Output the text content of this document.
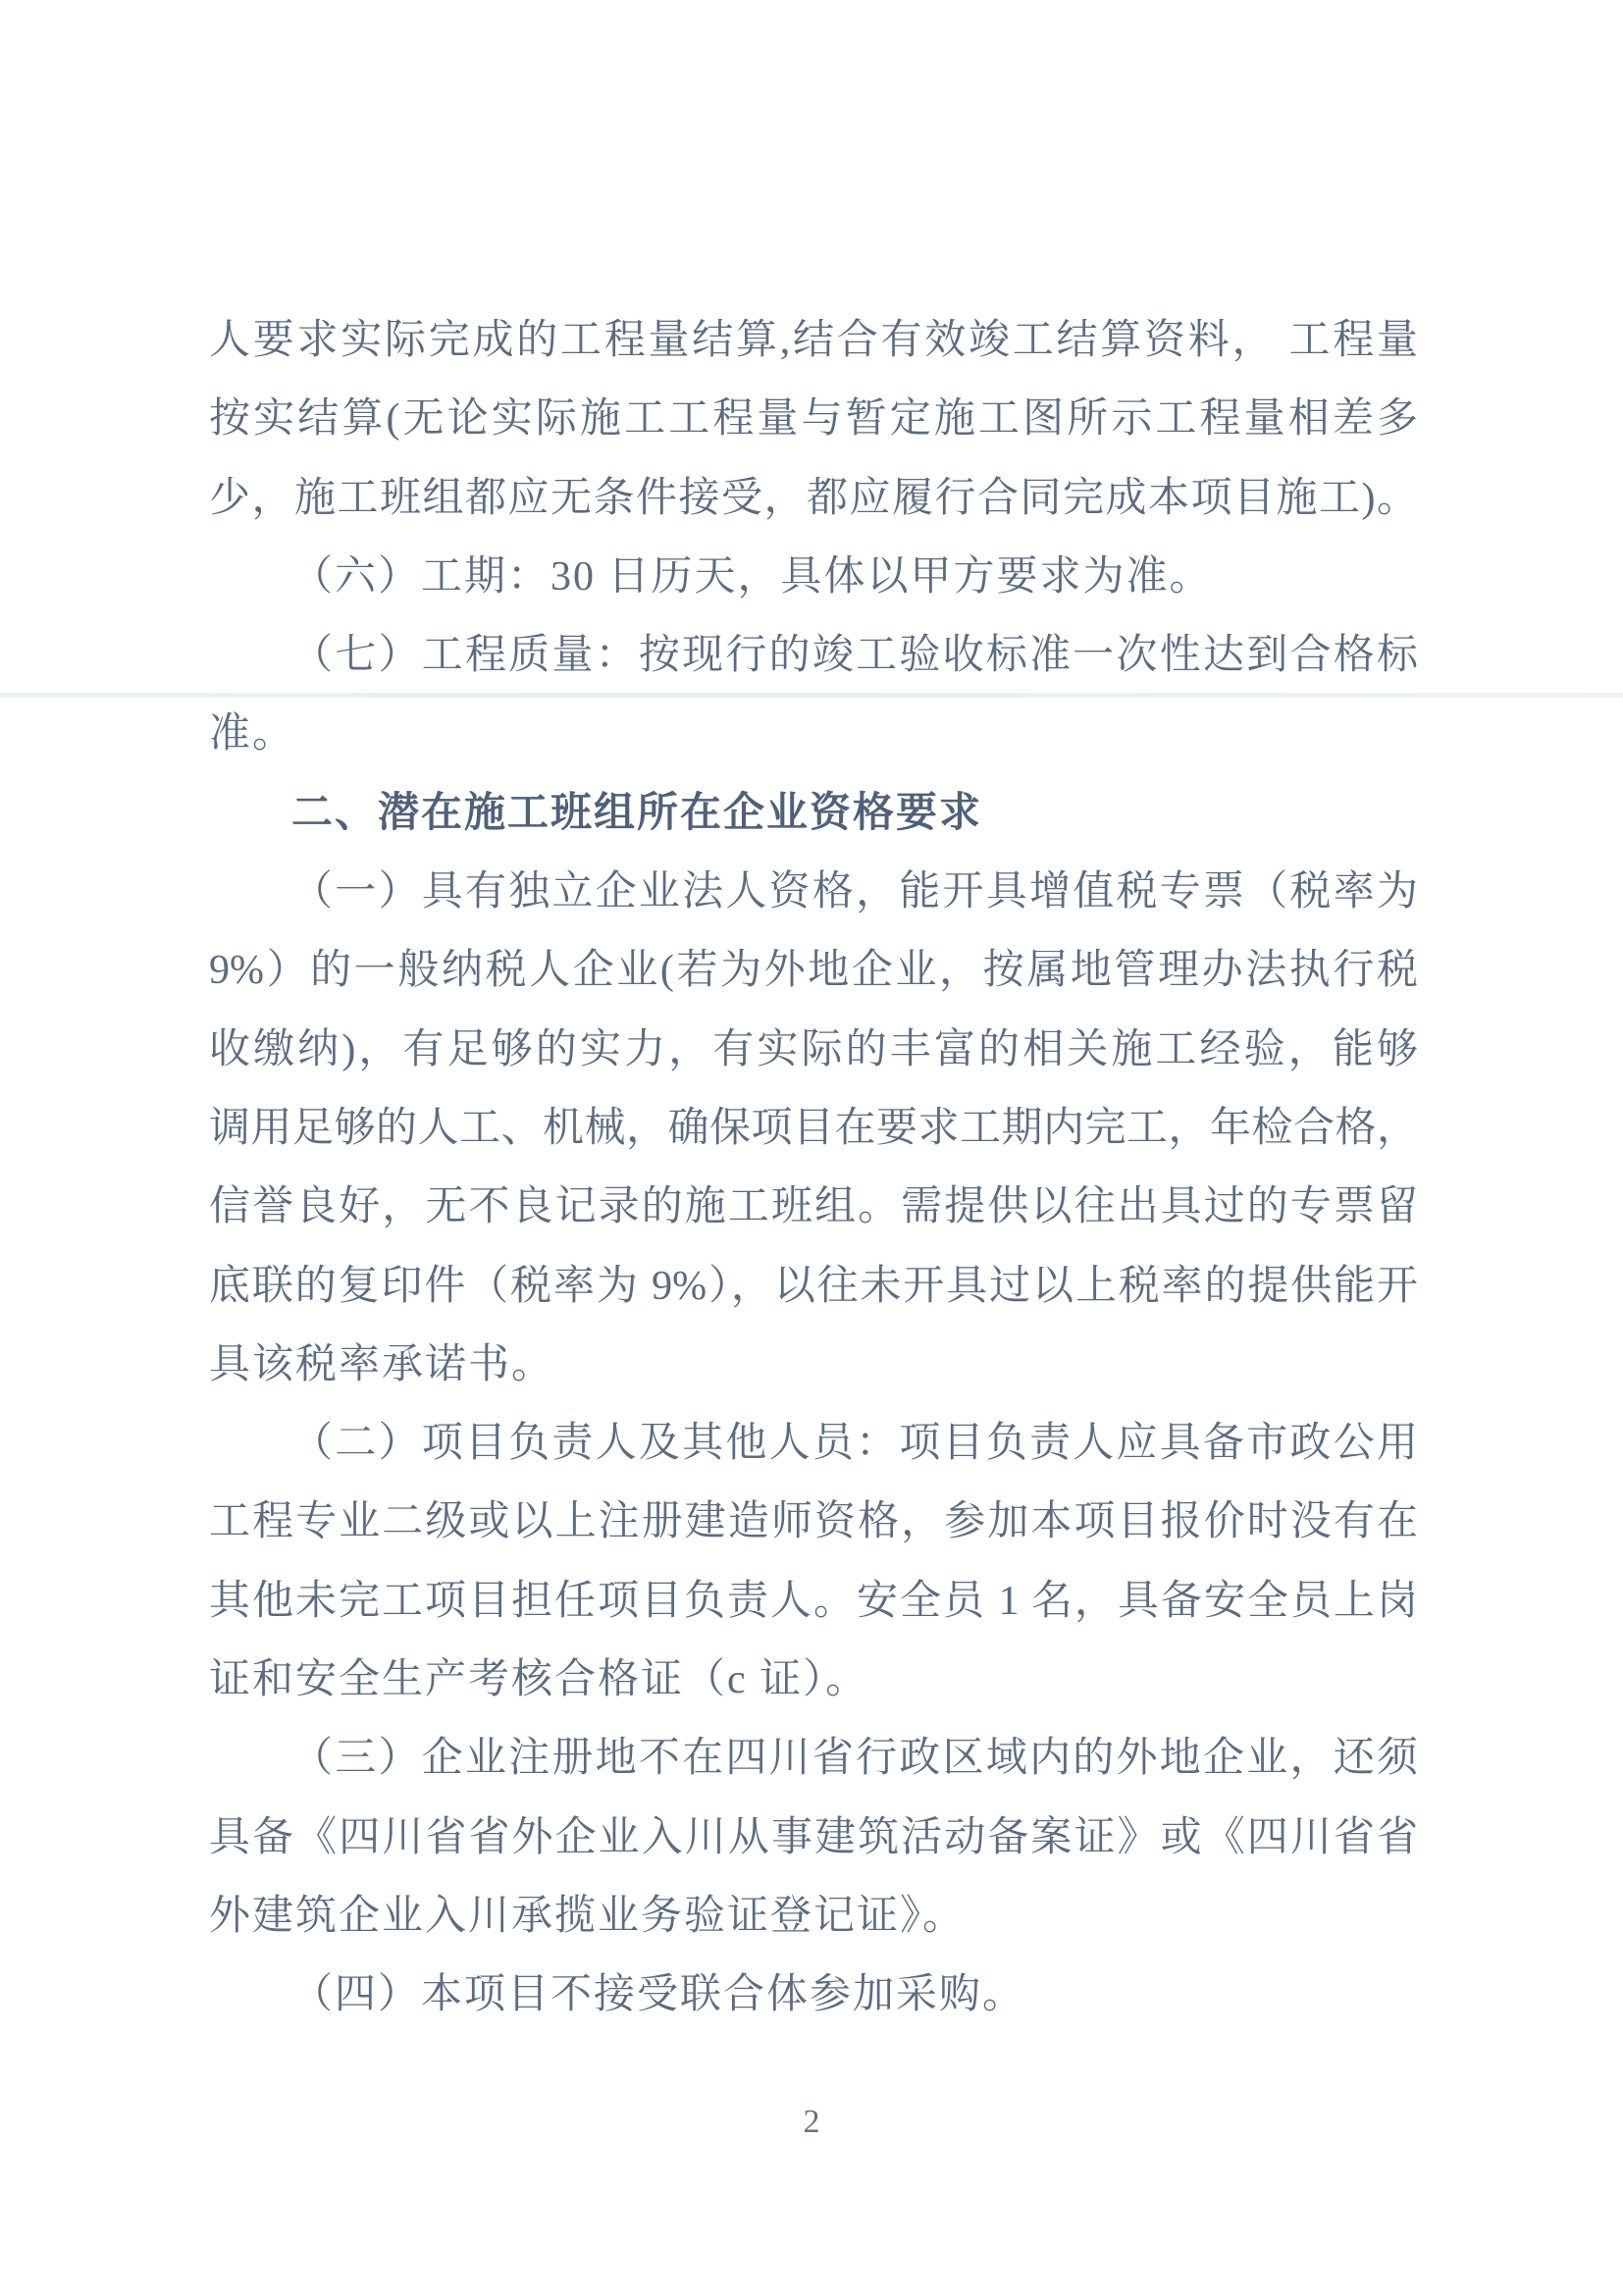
人要求实际完成的工程量结算,结合有效竣工结算资料， 工程量
按实结算(无论实际施工工程量与暂定施工图所示工程量相差多
少，施工班组都应无条件接受，都应履行合同完成本项目施工)。
（六）工期：30 日历天，具体以甲方要求为准。
（七）工程质量：按现行的竣工验收标准一次性达到合格标
准。
二、潜在施工班组所在企业资格要求
（一）具有独立企业法人资格，能开具增值税专票（税率为
9%）的一般纳税人企业(若为外地企业，按属地管理办法执行税
收缴纳)，有足够的实力，有实际的丰富的相关施工经验，能够
调用足够的人工、机械，确保项目在要求工期内完工，年检合格，
信誉良好，无不良记录的施工班组。需提供以往出具过的专票留
底联的复印件（税率为 9%），以往未开具过以上税率的提供能开
具该税率承诺书。
（二）项目负责人及其他人员：项目负责人应具备市政公用
工程专业二级或以上注册建造师资格，参加本项目报价时没有在
其他未完工项目担任项目负责人。安全员 1 名，具备安全员上岗
证和安全生产考核合格证（c 证）。
（三）企业注册地不在四川省行政区域内的外地企业，还须
具备《四川省省外企业入川从事建筑活动备案证》或《四川省省
外建筑企业入川承揽业务验证登记证》。
（四）本项目不接受联合体参加采购。
2
